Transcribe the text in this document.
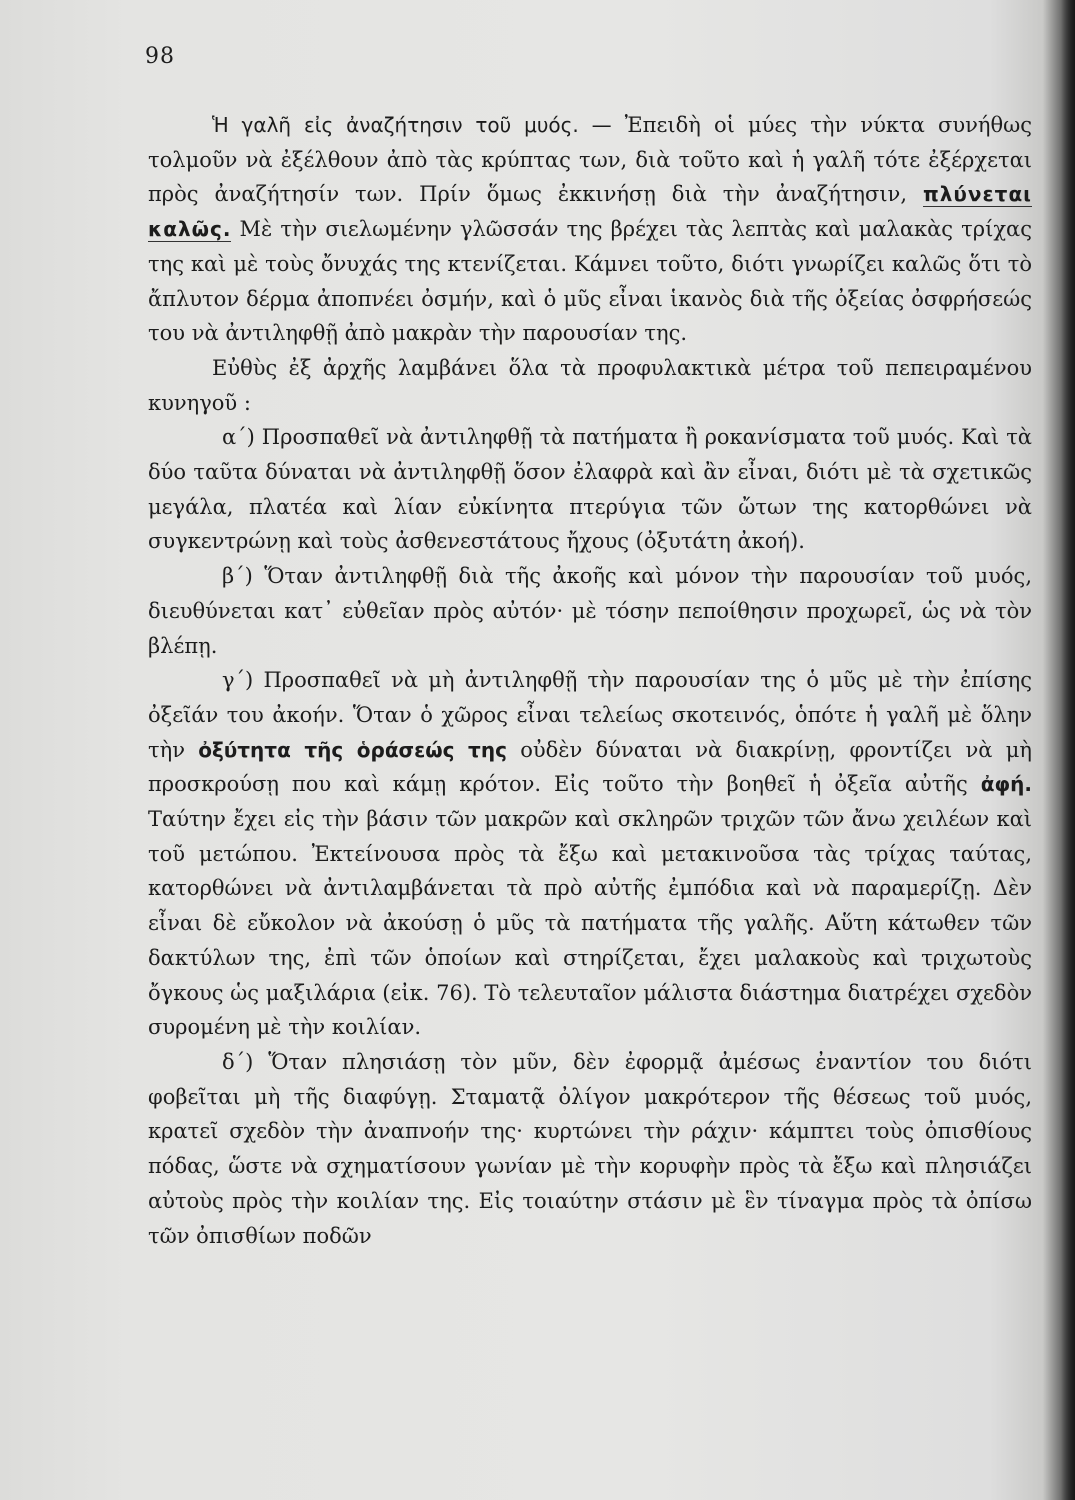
98

Ἡ γαλῆ εἰς ἀναζήτησιν τοῦ μυός. — Ἐπειδὴ οἱ μύες τὴν νύκτα συνήθως τολμοῦν νὰ ἐξέλθουν ἀπὸ τὰς κρύπτας των, διὰ τοῦτο καὶ ἡ γαλῆ τότε ἐξέρχεται πρὸς ἀναζήτησίν των. Πρίν ὅμως ἐκκινήσῃ διὰ τὴν ἀναζήτησιν, πλύνεται καλῶς. Μὲ τὴν σιελωμένην γλῶσσάν της βρέχει τὰς λεπτὰς καὶ μαλακὰς τρίχας της καὶ μὲ τοὺς ὄνυχάς της κτενίζεται. Κάμνει τοῦτο, διότι γνωρίζει καλῶς ὅτι τὸ ἄπλυτον δέρμα ἀποπνέει ὀσμήν, καὶ ὁ μῦς εἶναι ἱκανὸς διὰ τῆς ὀξείας ὀσφρήσεώς του νὰ ἀντιληφθῇ ἀπὸ μακρὰν τὴν παρουσίαν της.

Εὐθὺς ἐξ ἀρχῆς λαμβάνει ὅλα τὰ προφυλακτικὰ μέτρα τοῦ πεπειραμένου κυνηγοῦ :

α΄) Προσπαθεῖ νὰ ἀντιληφθῇ τὰ πατήματα ἢ ροκανίσματα τοῦ μυός. Καὶ τὰ δύο ταῦτα δύναται νὰ ἀντιληφθῇ ὅσον ἐλαφρὰ καὶ ἂν εἶναι, διότι μὲ τὰ σχετικῶς μεγάλα, πλατέα καὶ λίαν εὐκίνητα πτερύγια τῶν ὤτων της κατορθώνει νὰ συγκεντρώνῃ καὶ τοὺς ἀσθενεστάτους ἤχους (ὀξυτάτη ἀκοή).

β΄) Ὅταν ἀντιληφθῇ διὰ τῆς ἀκοῆς καὶ μόνον τὴν παρουσίαν τοῦ μυός, διευθύνεται κατ᾿ εὐθεῖαν πρὸς αὐτόν· μὲ τόσην πεποίθησιν προχωρεῖ, ὡς νὰ τὸν βλέπῃ.

γ΄) Προσπαθεῖ νὰ μὴ ἀντιληφθῇ τὴν παρουσίαν της ὁ μῦς μὲ τὴν ἐπίσης ὀξεῖάν του ἀκοήν. Ὅταν ὁ χῶρος εἶναι τελείως σκοτεινός, ὁπότε ἡ γαλῆ μὲ ὅλην τὴν ὀξύτητα τῆς ὁράσεώς της οὐδὲν δύναται νὰ διακρίνῃ, φροντίζει νὰ μὴ προσκρούσῃ που καὶ κάμῃ κρότον. Εἰς τοῦτο τὴν βοηθεῖ ἡ ὀξεῖα αὐτῆς ἀφή. Ταύτην ἔχει εἰς τὴν βάσιν τῶν μακρῶν καὶ σκληρῶν τριχῶν τῶν ἄνω χειλέων καὶ τοῦ μετώπου. Ἐκτείνουσα πρὸς τὰ ἔξω καὶ μετακινοῦσα τὰς τρίχας ταύτας, κατορθώνει νὰ ἀντιλαμβάνεται τὰ πρὸ αὐτῆς ἐμπόδια καὶ νὰ παραμερίζῃ. Δὲν εἶναι δὲ εὔκολον νὰ ἀκούσῃ ὁ μῦς τὰ πατήματα τῆς γαλῆς. Αὕτη κάτωθεν τῶν δακτύλων της, ἐπὶ τῶν ὁποίων καὶ στηρίζεται, ἔχει μαλακοὺς καὶ τριχωτοὺς ὄγκους ὡς μαξιλάρια (εἰκ. 76). Τὸ τελευταῖον μάλιστα διάστημα διατρέχει σχεδὸν συρομένη μὲ τὴν κοιλίαν.

δ΄) Ὅταν πλησιάσῃ τὸν μῦν, δὲν ἐφορμᾷ ἀμέσως ἐναντίον του διότι φοβεῖται μὴ τῆς διαφύγῃ. Σταματᾷ ὀλίγον μακρότερον τῆς θέσεως τοῦ μυός, κρατεῖ σχεδὸν τὴν ἀναπνοήν της· κυρτώνει τὴν ράχιν· κάμπτει τοὺς ὀπισθίους πόδας, ὥστε νὰ σχηματίσουν γωνίαν μὲ τὴν κορυφὴν πρὸς τὰ ἔξω καὶ πλησιάζει αὐτοὺς πρὸς τὴν κοιλίαν της. Εἰς τοιαύτην στάσιν μὲ ἓν τίναγμα πρὸς τὰ ὀπίσω τῶν ὀπισθίων ποδῶν
